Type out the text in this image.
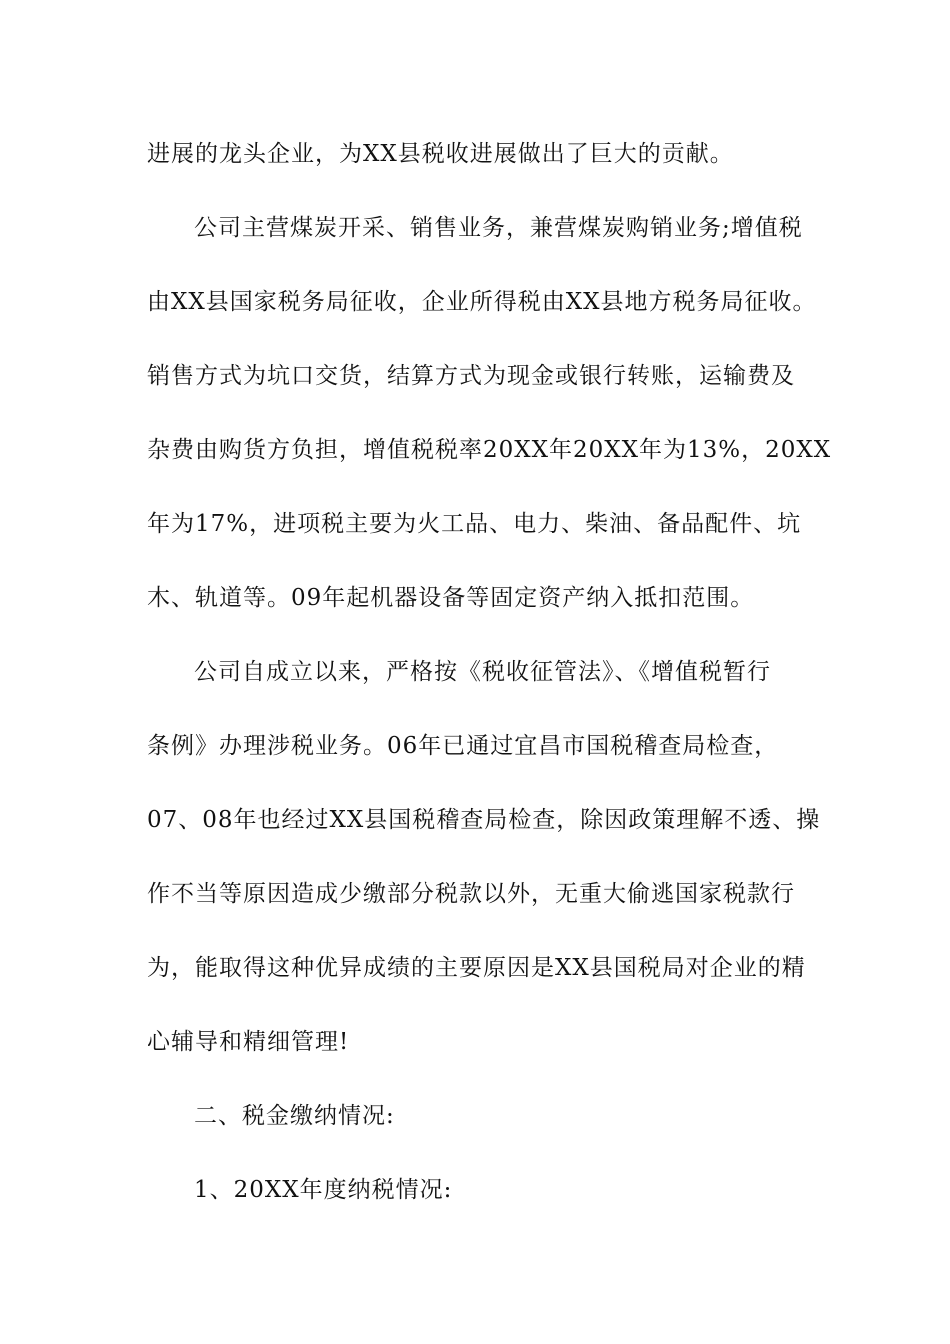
进展的龙头企业，为XX县税收进展做出了巨大的贡献。
公司主营煤炭开采、销售业务，兼营煤炭购销业务;增值税
由XX县国家税务局征收，企业所得税由XX县地方税务局征收。
销售方式为坑口交货，结算方式为现金或银行转账，运输费及
杂费由购货方负担，增值税税率20XX年20XX年为13%，20XX
年为17%，进项税主要为火工品、电力、柴油、备品配件、坑
木、轨道等。09年起机器设备等固定资产纳入抵扣范围。
公司自成立以来，严格按《税收征管法》、《增值税暂行
条例》办理涉税业务。06年已通过宜昌市国税稽查局检查，
07、08年也经过XX县国税稽查局检查，除因政策理解不透、操
作不当等原因造成少缴部分税款以外，无重大偷逃国家税款行
为，能取得这种优异成绩的主要原因是XX县国税局对企业的精
心辅导和精细管理!
二、税金缴纳情况:
1、20XX年度纳税情况:
